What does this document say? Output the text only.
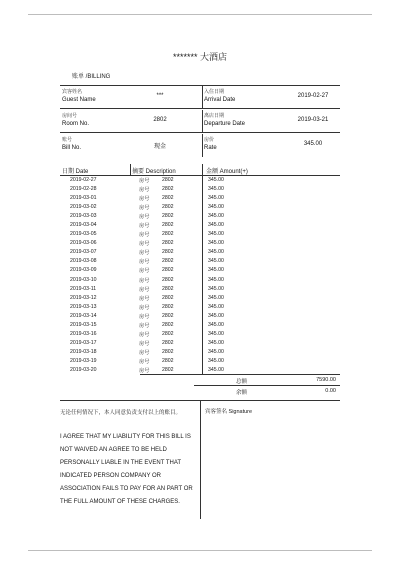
******* 大酒店
账单 /BILLING
宾客姓名
Guest Name
***
入住日期
Arrival Date
2019-02-27
房间号
Room No.
2802
离店日期
Departure Date
2019-03-21
账号
Bill No.	现金
房价
Rate
345.00
日期 Date	摘要 Description	金额 Amount(+)
2019-02-27	房号 2802	345.00
2019-02-28	房号 2802	345.00
2019-03-01	房号 2802	345.00
2019-03-02	房号 2802	345.00
2019-03-03	房号 2802	345.00
2019-03-04	房号 2802	345.00
2019-03-05	房号 2802	345.00
2019-03-06	房号 2802	345.00
2019-03-07	房号 2802	345.00
2019-03-08	房号 2802	345.00
2019-03-09	房号 2802	345.00
2019-03-10	房号 2802	345.00
2019-03-11	房号 2802	345.00
2019-03-12	房号 2802	345.00
2019-03-13	房号 2802	345.00
2019-03-14	房号 2802	345.00
2019-03-15	房号 2802	345.00
2019-03-16	房号 2802	345.00
2019-03-17	房号 2802	345.00
2019-03-18	房号 2802	345.00
2019-03-19	房号 2802	345.00
2019-03-20	房号 2802	345.00
总额	7590.00
余额	0.00
无论任何情况下，本人同意负责支付以上的账目。
I AGREE THAT MY LIABILITY FOR THIS BILL IS NOT WAIVED AN AGREE TO BE HELD PERSONALLY LIABLE IN THE EVENT THAT INDICATED PERSON COMPANY OR ASSOCIATION FAILS TO PAY FOR AN PART OR THE FULL AMOUNT OF THESE CHARGES.
宾客签名 Signature
